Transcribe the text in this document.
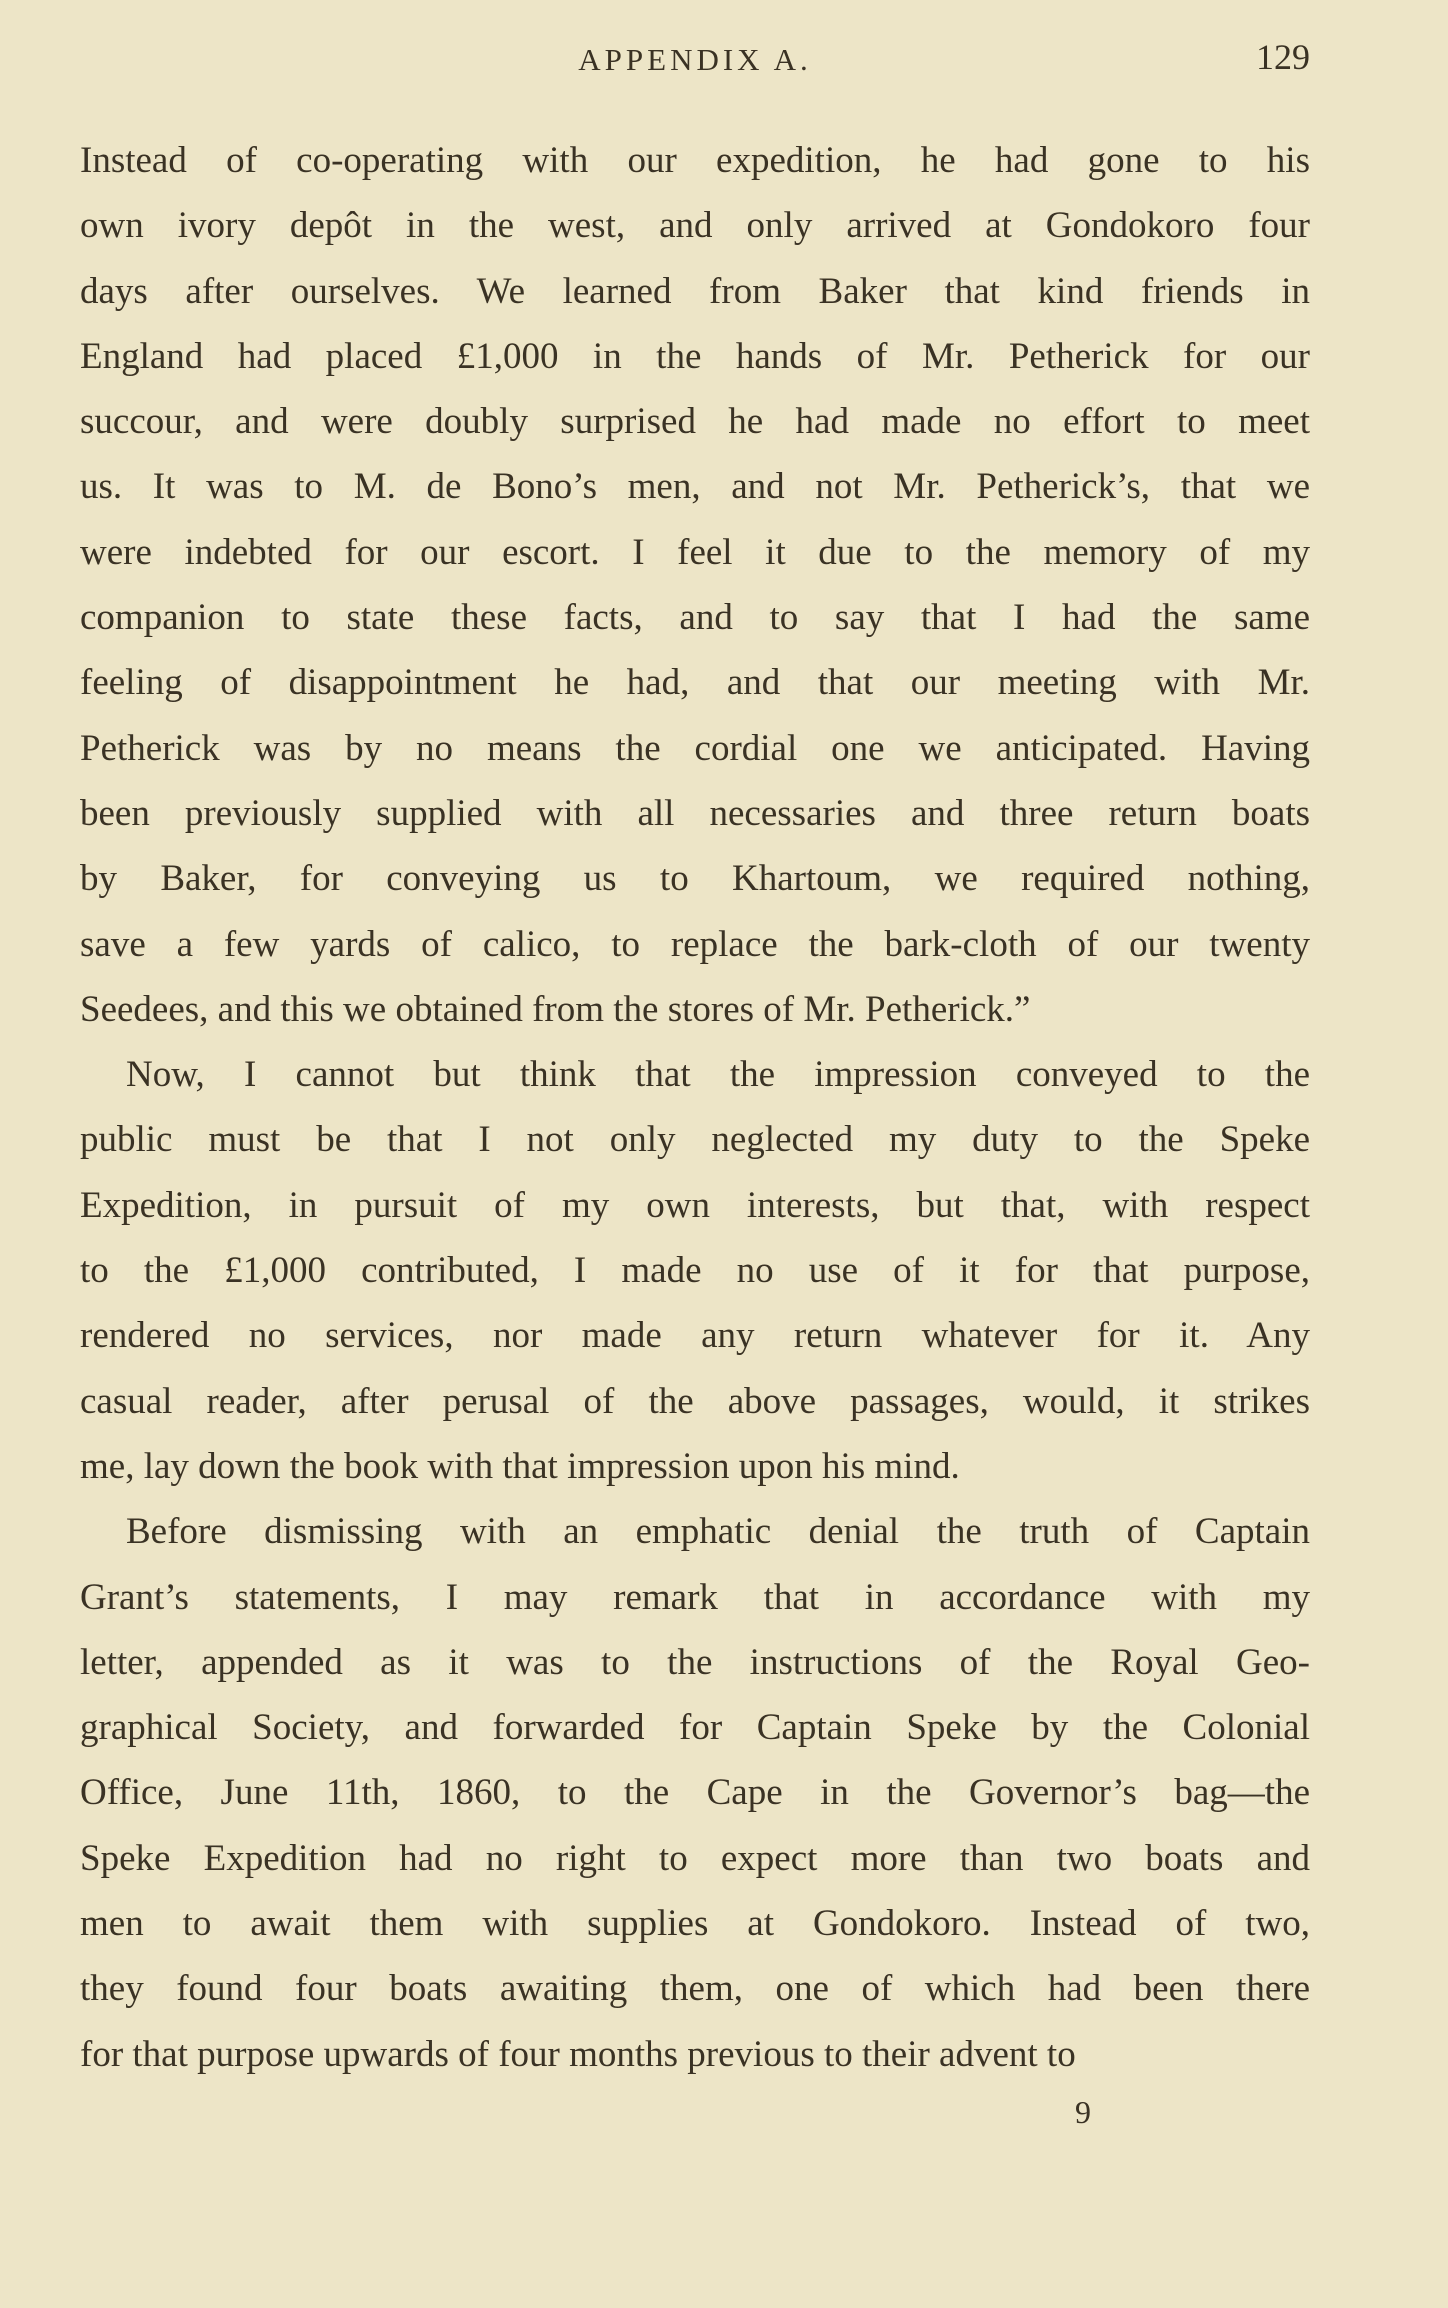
APPENDIX A.	129
Instead of co-operating with our expedition, he had gone to his
own ivory depôt in the west, and only arrived at Gondokoro four
days after ourselves. We learned from Baker that kind friends in
England had placed £1,000 in the hands of Mr. Petherick for our
succour, and were doubly surprised he had made no effort to meet
us. It was to M. de Bono’s men, and not Mr. Petherick’s, that we
were indebted for our escort. I feel it due to the memory of my
companion to state these facts, and to say that I had the same
feeling of disappointment he had, and that our meeting with Mr.
Petherick was by no means the cordial one we anticipated. Having
been previously supplied with all necessaries and three return boats
by Baker, for conveying us to Khartoum, we required nothing,
save a few yards of calico, to replace the bark-cloth of our twenty
Seedees, and this we obtained from the stores of Mr. Petherick.”
Now, I cannot but think that the impression conveyed to the
public must be that I not only neglected my duty to the Speke
Expedition, in pursuit of my own interests, but that, with respect
to the £1,000 contributed, I made no use of it for that purpose,
rendered no services, nor made any return whatever for it. Any
casual reader, after perusal of the above passages, would, it strikes
me, lay down the book with that impression upon his mind.
Before dismissing with an emphatic denial the truth of Captain
Grant’s statements, I may remark that in accordance with my
letter, appended as it was to the instructions of the Royal Geo-
graphical Society, and forwarded for Captain Speke by the Colonial
Office, June 11th, 1860, to the Cape in the Governor’s bag—the
Speke Expedition had no right to expect more than two boats and
men to await them with supplies at Gondokoro. Instead of two,
they found four boats awaiting them, one of which had been there
for that purpose upwards of four months previous to their advent to
9
